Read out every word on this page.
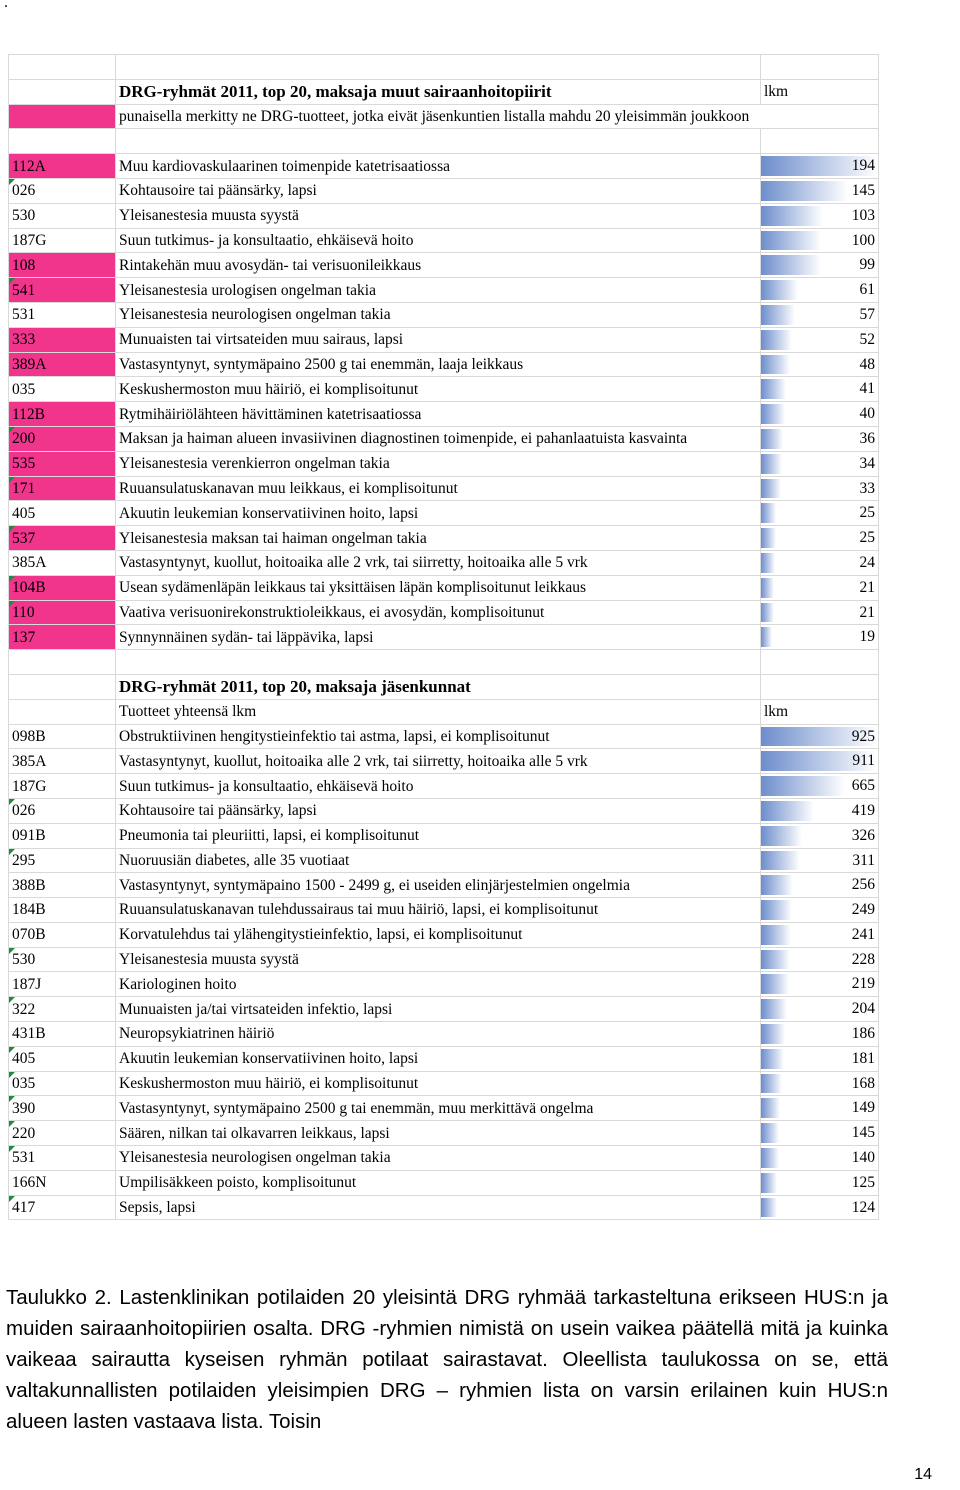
.

	DRG-ryhmät 2011, top 20, maksaja muut sairaanhoitopiirit	lkm
	punaisella merkitty ne DRG-tuotteet, jotka eivät jäsenkuntien listalla mahdu 20 yleisimmän joukkoon	

112A	Muu kardiovaskulaarinen toimenpide katetrisaatiossa	194

026	Kohtausoire tai päänsärky, lapsi	145

530	Yleisanestesia muusta syystä	103

187G	Suun tutkimus- ja konsultaatio, ehkäisevä hoito	100

108	Rintakehän muu avosydän- tai verisuonileikkaus	99

541	Yleisanestesia urologisen ongelman takia	61

531	Yleisanestesia neurologisen ongelman takia	57

333	Munuaisten tai virtsateiden muu sairaus, lapsi	52

389A	Vastasyntynyt, syntymäpaino 2500 g tai enemmän, laaja leikkaus	48

035	Keskushermoston muu häiriö, ei komplisoitunut	41

112B	Rytmihäiriölähteen hävittäminen katetrisaatiossa	40

200	Maksan ja haiman alueen invasiivinen diagnostinen toimenpide, ei pahanlaatuista kasvainta	36

535	Yleisanestesia verenkierron ongelman takia	34

171	Ruuansulatuskanavan muu leikkaus, ei komplisoitunut	33

405	Akuutin leukemian konservatiivinen hoito, lapsi	25

537	Yleisanestesia maksan tai haiman ongelman takia	25

385A	Vastasyntynyt, kuollut, hoitoaika alle 2 vrk, tai siirretty, hoitoaika alle 5 vrk	24

104B	Usean sydämenläpän leikkaus tai yksittäisen läpän komplisoitunut leikkaus	21

110	Vaativa verisuonirekonstruktioleikkaus, ei avosydän, komplisoitunut	21

137	Synnynnäinen sydän- tai läppävika, lapsi	19

	DRG-ryhmät 2011, top 20, maksaja jäsenkunnat	
	Tuotteet yhteensä lkm	lkm
098B	Obstruktiivinen hengitystieinfektio tai astma, lapsi, ei komplisoitunut	925

385A	Vastasyntynyt, kuollut, hoitoaika alle 2 vrk, tai siirretty, hoitoaika alle 5 vrk	911

187G	Suun tutkimus- ja konsultaatio, ehkäisevä hoito	665

026	Kohtausoire tai päänsärky, lapsi	419

091B	Pneumonia tai pleuriitti, lapsi, ei komplisoitunut	326

295	Nuoruusiän diabetes, alle 35 vuotiaat	311

388B	Vastasyntynyt, syntymäpaino 1500 - 2499 g, ei useiden elinjärjestelmien ongelmia	256

184B	Ruuansulatuskanavan tulehdussairaus tai muu häiriö, lapsi, ei komplisoitunut	249

070B	Korvatulehdus tai ylähengitystieinfektio, lapsi, ei komplisoitunut	241

530	Yleisanestesia muusta syystä	228

187J	Kariologinen hoito	219

322	Munuaisten ja/tai virtsateiden infektio, lapsi	204

431B	Neuropsykiatrinen häiriö	186

405	Akuutin leukemian konservatiivinen hoito, lapsi	181

035	Keskushermoston muu häiriö, ei komplisoitunut	168

390	Vastasyntynyt, syntymäpaino 2500 g tai enemmän, muu merkittävä ongelma	149

220	Säären, nilkan tai olkavarren leikkaus, lapsi	145

531	Yleisanestesia neurologisen ongelman takia	140

166N	Umpilisäkkeen poisto, komplisoitunut	125

417	Sepsis, lapsi	124

Taulukko 2. Lastenklinikan potilaiden 20 yleisintä DRG ryhmää tarkasteltuna erikseen HUS:n ja muiden sairaanhoitopiirien osalta. DRG -ryhmien nimistä on usein vaikea päätellä mitä ja kuinka vaikeaa sairautta kyseisen ryhmän potilaat sairastavat. Oleellista taulukossa on se, että valtakunnallisten potilaiden yleisimpien DRG – ryhmien lista on varsin erilainen kuin HUS:n alueen lasten vastaava lista. Toisin

14
